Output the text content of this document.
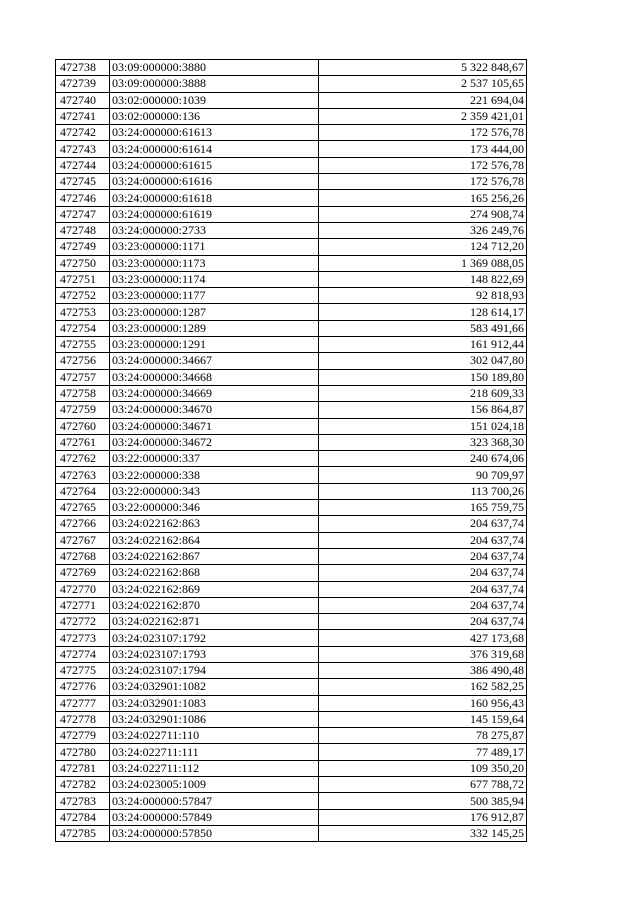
472738	03:09:000000:3880	5 322 848,67
472739	03:09:000000:3888	2 537 105,65
472740	03:02:000000:1039	221 694,04
472741	03:02:000000:136	2 359 421,01
472742	03:24:000000:61613	172 576,78
472743	03:24:000000:61614	173 444,00
472744	03:24:000000:61615	172 576,78
472745	03:24:000000:61616	172 576,78
472746	03:24:000000:61618	165 256,26
472747	03:24:000000:61619	274 908,74
472748	03:24:000000:2733	326 249,76
472749	03:23:000000:1171	124 712,20
472750	03:23:000000:1173	1 369 088,05
472751	03:23:000000:1174	148 822,69
472752	03:23:000000:1177	92 818,93
472753	03:23:000000:1287	128 614,17
472754	03:23:000000:1289	583 491,66
472755	03:23:000000:1291	161 912,44
472756	03:24:000000:34667	302 047,80
472757	03:24:000000:34668	150 189,80
472758	03:24:000000:34669	218 609,33
472759	03:24:000000:34670	156 864,87
472760	03:24:000000:34671	151 024,18
472761	03:24:000000:34672	323 368,30
472762	03:22:000000:337	240 674,06
472763	03:22:000000:338	90 709,97
472764	03:22:000000:343	113 700,26
472765	03:22:000000:346	165 759,75
472766	03:24:022162:863	204 637,74
472767	03:24:022162:864	204 637,74
472768	03:24:022162:867	204 637,74
472769	03:24:022162:868	204 637,74
472770	03:24:022162:869	204 637,74
472771	03:24:022162:870	204 637,74
472772	03:24:022162:871	204 637,74
472773	03:24:023107:1792	427 173,68
472774	03:24:023107:1793	376 319,68
472775	03:24:023107:1794	386 490,48
472776	03:24:032901:1082	162 582,25
472777	03:24:032901:1083	160 956,43
472778	03:24:032901:1086	145 159,64
472779	03:24:022711:110	78 275,87
472780	03:24:022711:111	77 489,17
472781	03:24:022711:112	109 350,20
472782	03:24:023005:1009	677 788,72
472783	03:24:000000:57847	500 385,94
472784	03:24:000000:57849	176 912,87
472785	03:24:000000:57850	332 145,25
